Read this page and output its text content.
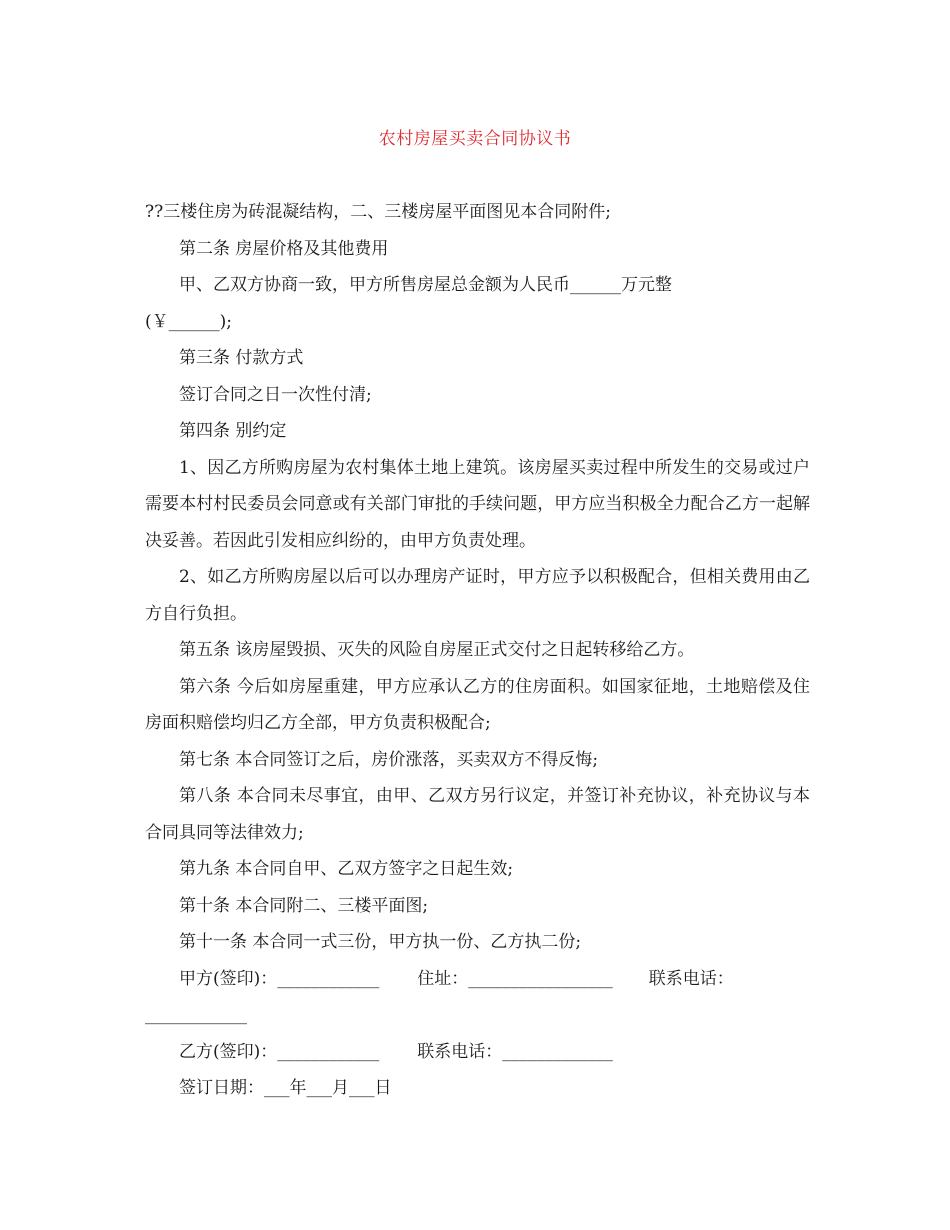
农村房屋买卖合同协议书

??三楼住房为砖混凝结构，二、三楼房屋平面图见本合同附件;

第二条 房屋价格及其他费用

甲、乙双方协商一致，甲方所售房屋总金额为人民币______万元整

(￥______);

第三条 付款方式

签订合同之日一次性付清;

第四条 别约定

1、因乙方所购房屋为农村集体土地上建筑。该房屋买卖过程中所发生的交易或过户需要本村村民委员会同意或有关部门审批的手续问题，甲方应当积极全力配合乙方一起解决妥善。若因此引发相应纠纷的，由甲方负责处理。

2、如乙方所购房屋以后可以办理房产证时，甲方应予以积极配合，但相关费用由乙方自行负担。

第五条 该房屋毁损、灭失的风险自房屋正式交付之日起转移给乙方。

第六条 今后如房屋重建，甲方应承认乙方的住房面积。如国家征地，土地赔偿及住房面积赔偿均归乙方全部，甲方负责积极配合;

第七条 本合同签订之后，房价涨落，买卖双方不得反悔;

第八条 本合同未尽事宜，由甲、乙双方另行议定，并签订补充协议，补充协议与本合同具同等法律效力;

第九条 本合同自甲、乙双方签字之日起生效;

第十条 本合同附二、三楼平面图;

第十一条 本合同一式三份，甲方执一份、乙方执二份;

甲方(签印)：____________ 住址：_________________ 联系电话：

____________

乙方(签印)：____________ 联系电话：_____________

签订日期：___年___月___日
